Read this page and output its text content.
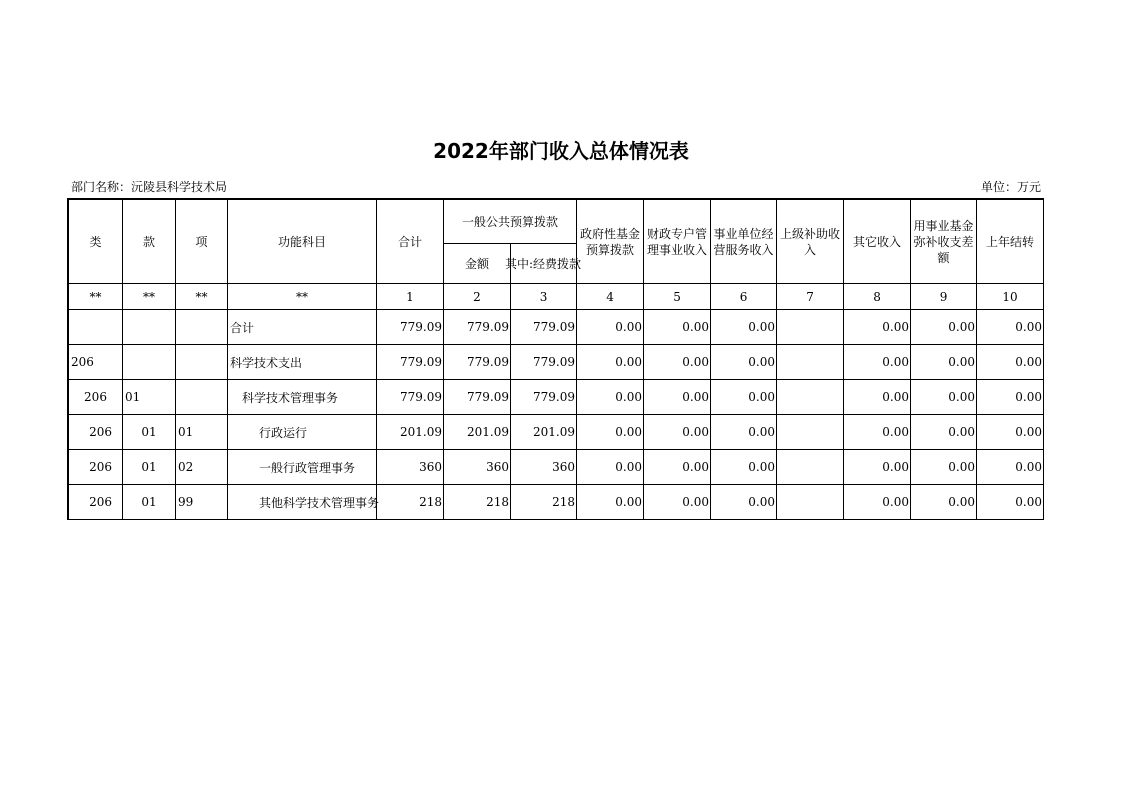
2022年部门收入总体情况表
部门名称：沅陵县科学技术局	单位：万元
类	款	项	功能科目	合计	一般公共预算拨款		政府性基金预算拨款	财政专户管理事业收入	事业单位经营服务收入	上级补助收入	其它收入	用事业基金弥补收支差额	上年结转
					金额	其中:经费拨款							

**	**	**	**	1	2	3	4	5	6	7	8	9	10
			合计	779.09	779.09	779.09	0.00	0.00	0.00		0.00	0.00	0.00
206			科学技术支出	779.09	779.09	779.09	0.00	0.00	0.00		0.00	0.00	0.00
206	01		科学技术管理事务	779.09	779.09	779.09	0.00	0.00	0.00		0.00	0.00	0.00
206	01	01	行政运行	201.09	201.09	201.09	0.00	0.00	0.00		0.00	0.00	0.00
206	01	02	一般行政管理事务	360	360	360	0.00	0.00	0.00		0.00	0.00	0.00
206	01	99	其他科学技术管理事务	218	218	218	0.00	0.00	0.00		0.00	0.00	0.00
